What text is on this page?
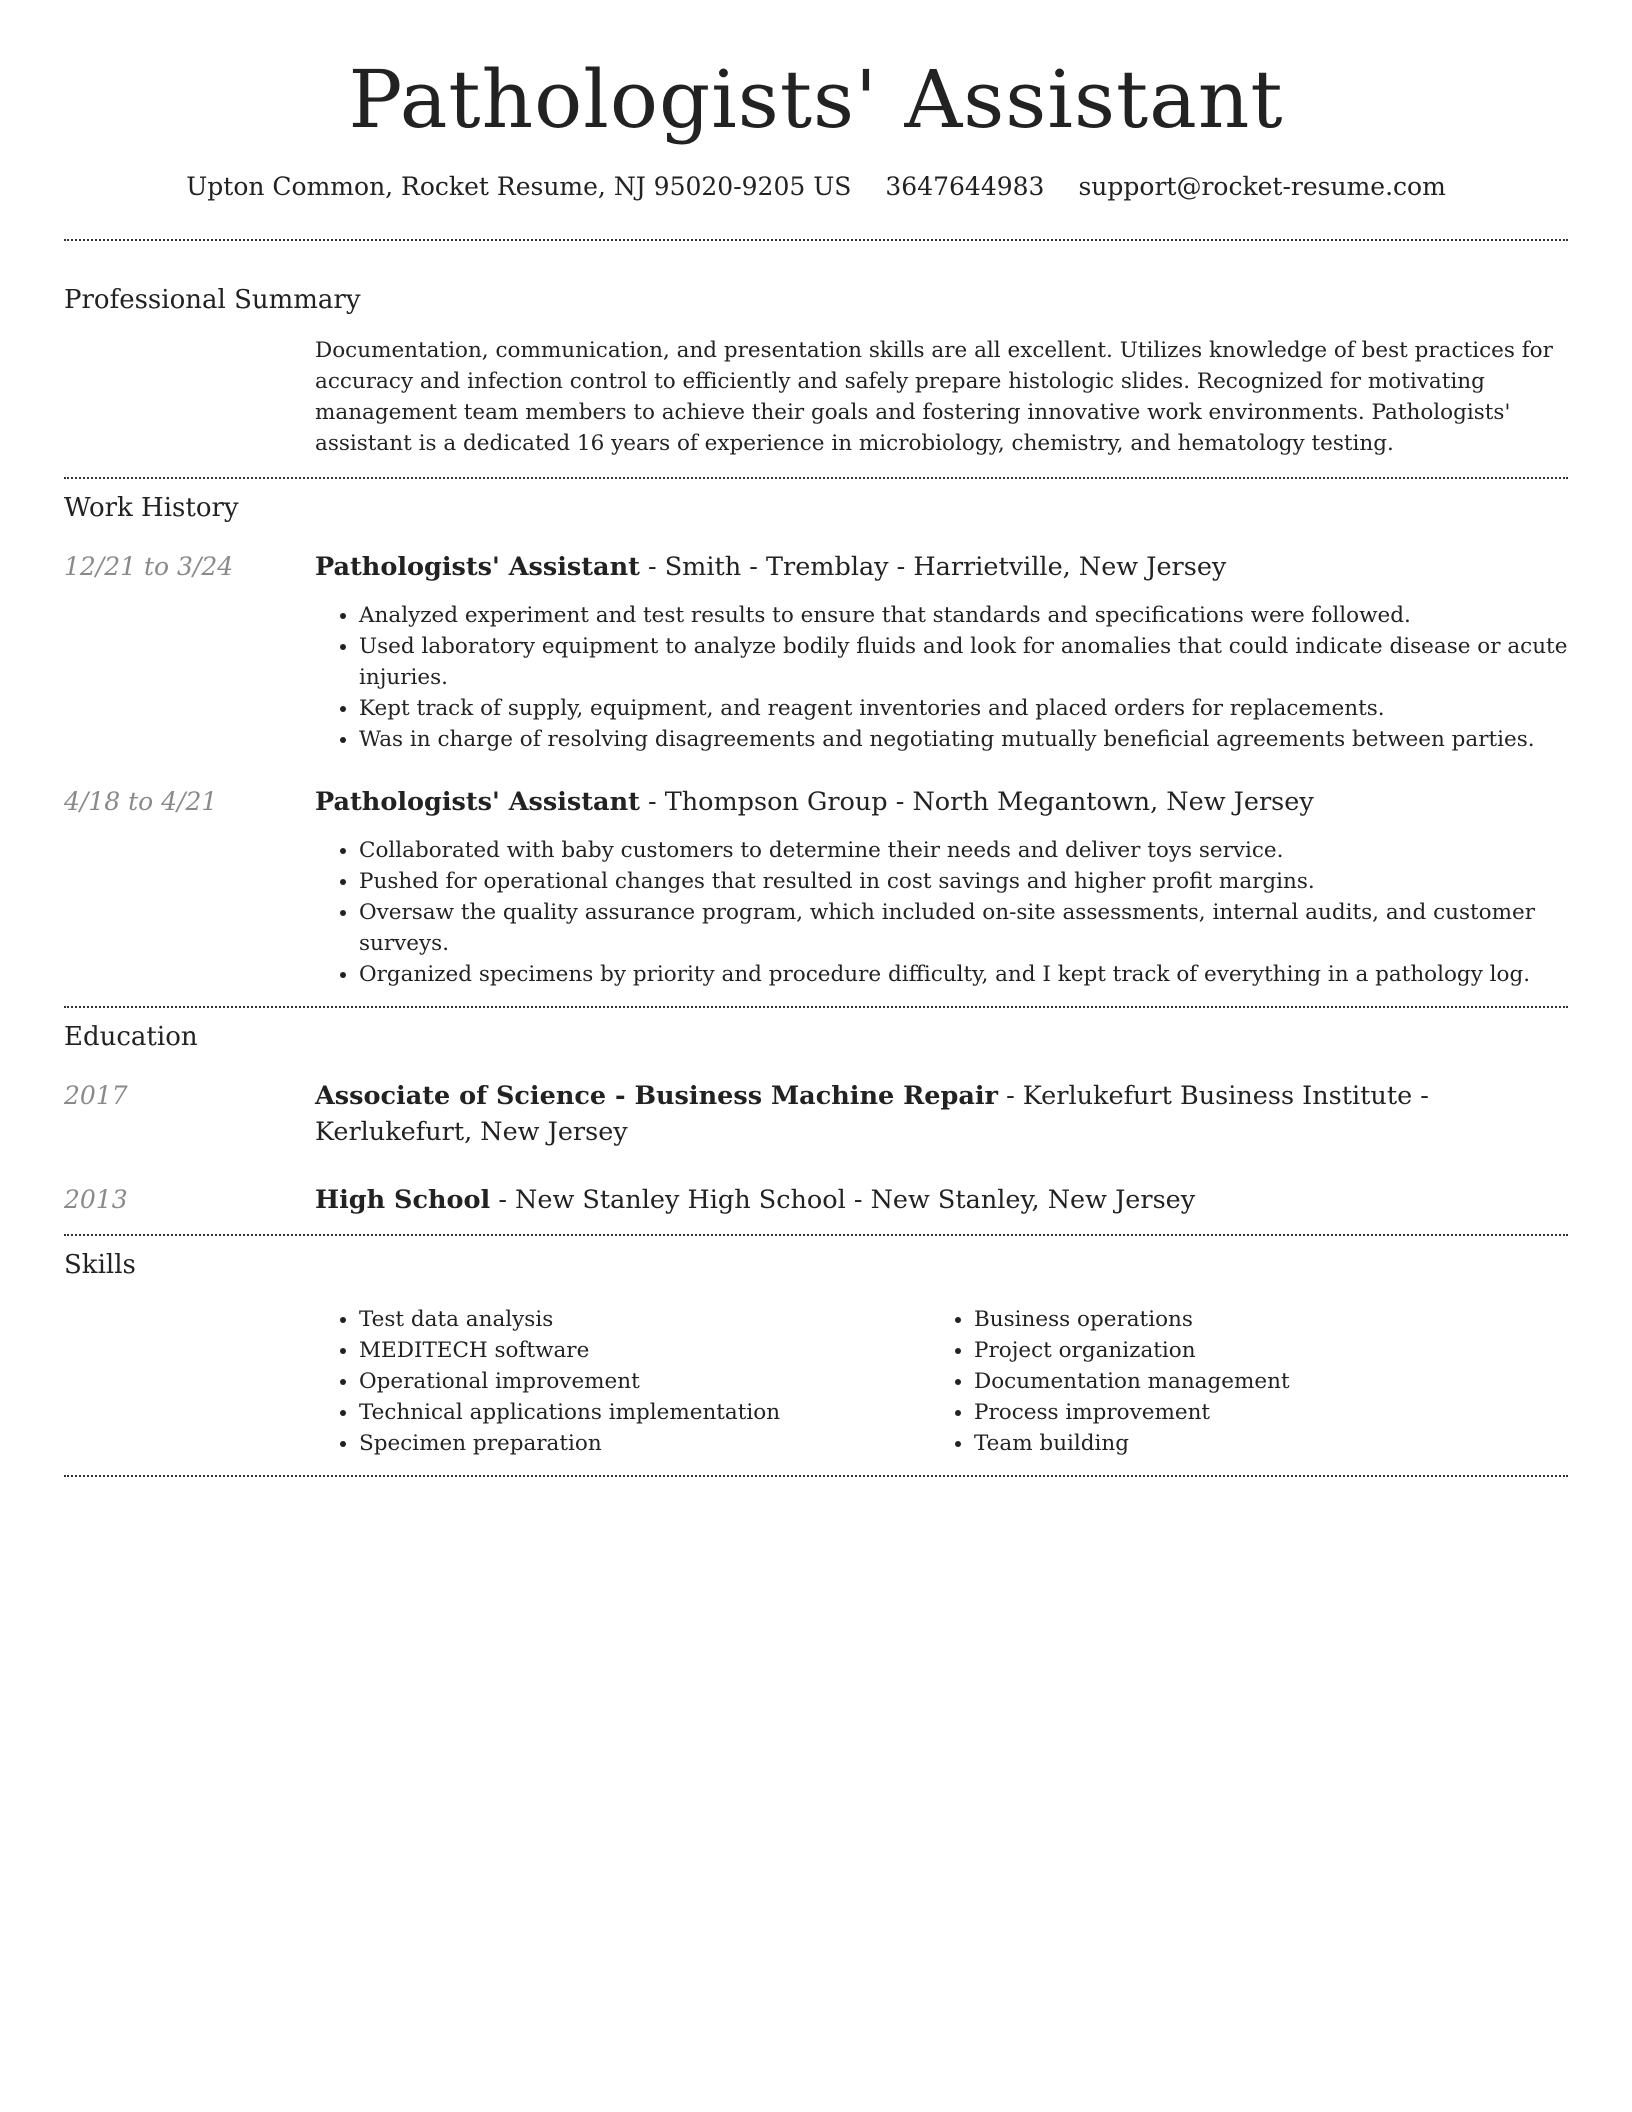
Pathologists' Assistant
Upton Common, Rocket Resume, NJ 95020-9205 US 3647644983 support@rocket-resume.com
Professional Summary
Documentation, communication, and presentation skills are all excellent. Utilizes knowledge of best practices for accuracy and infection control to efficiently and safely prepare histologic slides. Recognized for motivating management team members to achieve their goals and fostering innovative work environments. Pathologists' assistant is a dedicated 16 years of experience in microbiology, chemistry, and hematology testing.
Work History
12/21 to 3/24	Pathologists' Assistant - Smith - Tremblay - Harrietville, New Jersey
• Analyzed experiment and test results to ensure that standards and specifications were followed.
• Used laboratory equipment to analyze bodily fluids and look for anomalies that could indicate disease or acute injuries.
• Kept track of supply, equipment, and reagent inventories and placed orders for replacements.
• Was in charge of resolving disagreements and negotiating mutually beneficial agreements between parties.
4/18 to 4/21	Pathologists' Assistant - Thompson Group - North Megantown, New Jersey
• Collaborated with baby customers to determine their needs and deliver toys service.
• Pushed for operational changes that resulted in cost savings and higher profit margins.
• Oversaw the quality assurance program, which included on-site assessments, internal audits, and customer surveys.
• Organized specimens by priority and procedure difficulty, and I kept track of everything in a pathology log.
Education
2017	Associate of Science - Business Machine Repair - Kerlukefurt Business Institute - Kerlukefurt, New Jersey
2013	High School - New Stanley High School - New Stanley, New Jersey
Skills
• Test data analysis
• MEDITECH software
• Operational improvement
• Technical applications implementation
• Specimen preparation
• Business operations
• Project organization
• Documentation management
• Process improvement
• Team building
